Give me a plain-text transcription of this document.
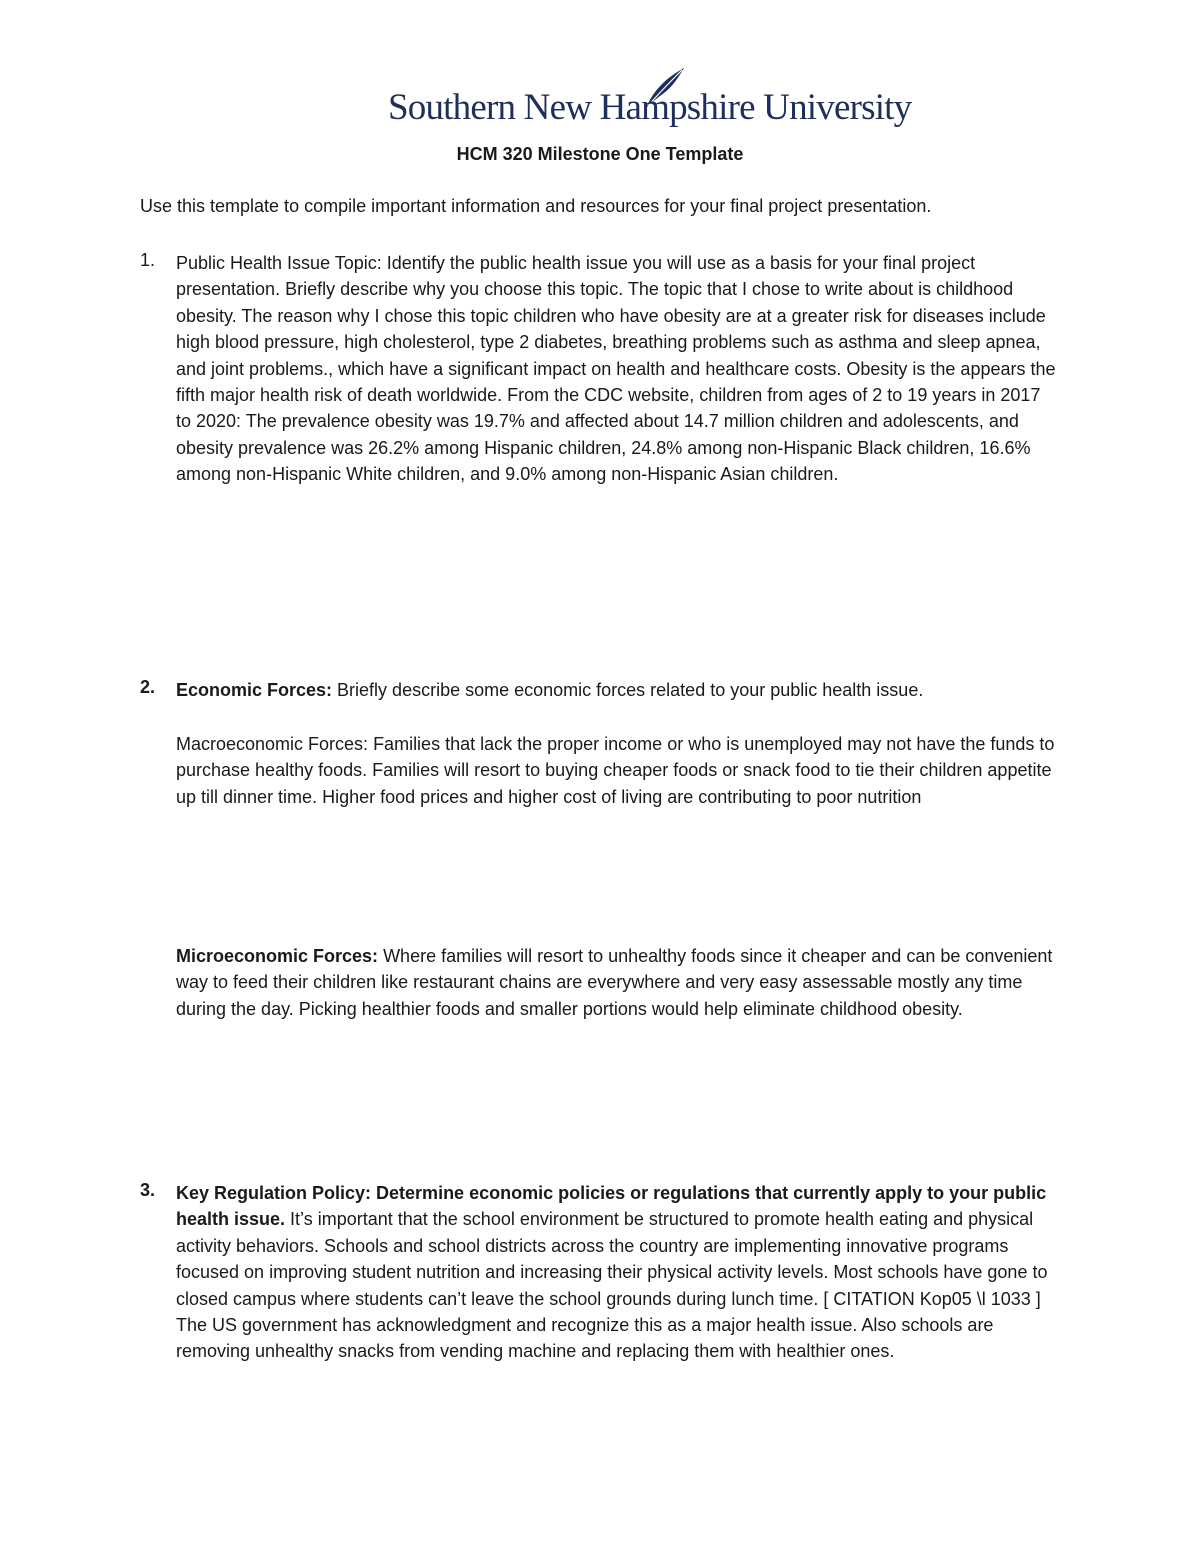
Southern New Hampshire University
HCM 320 Milestone One Template
Use this template to compile important information and resources for your final project presentation.
1.	Public Health Issue Topic: Identify the public health issue you will use as a basis for your final project presentation. Briefly describe why you choose this topic. The topic that I chose to write about is childhood obesity. The reason why I chose this topic children who have obesity are at a greater risk for diseases include high blood pressure, high cholesterol, type 2 diabetes, breathing problems such as asthma and sleep apnea, and joint problems., which have a significant impact on health and healthcare costs. Obesity is the appears the fifth major health risk of death worldwide. From the CDC website, children from ages of 2 to 19 years in 2017 to 2020: The prevalence obesity was 19.7% and affected about 14.7 million children and adolescents, and obesity prevalence was 26.2% among Hispanic children, 24.8% among non-Hispanic Black children, 16.6% among non-Hispanic White children, and 9.0% among non-Hispanic Asian children.

2.	Economic Forces: Briefly describe some economic forces related to your public health issue.

Macroeconomic Forces: Families that lack the proper income or who is unemployed may not have the funds to purchase healthy foods. Families will resort to buying cheaper foods or snack food to tie their children appetite up till dinner time. Higher food prices and higher cost of living are contributing to poor nutrition
Microeconomic Forces: Where families will resort to unhealthy foods since it cheaper and can be convenient way to feed their children like restaurant chains are everywhere and very easy assessable mostly any time during the day. Picking healthier foods and smaller portions would help eliminate childhood obesity.
3.	Key Regulation Policy: Determine economic policies or regulations that currently apply to your public health issue. It’s important that the school environment be structured to promote health eating and physical activity behaviors. Schools and school districts across the country are implementing innovative programs focused on improving student nutrition and increasing their physical activity levels. Most schools have gone to closed campus where students can’t leave the school grounds during lunch time. [ CITATION Kop05 \l 1033 ] The US government has acknowledgment and recognize this as a major health issue. Also schools are removing unhealthy snacks from vending machine and replacing them with healthier ones.
